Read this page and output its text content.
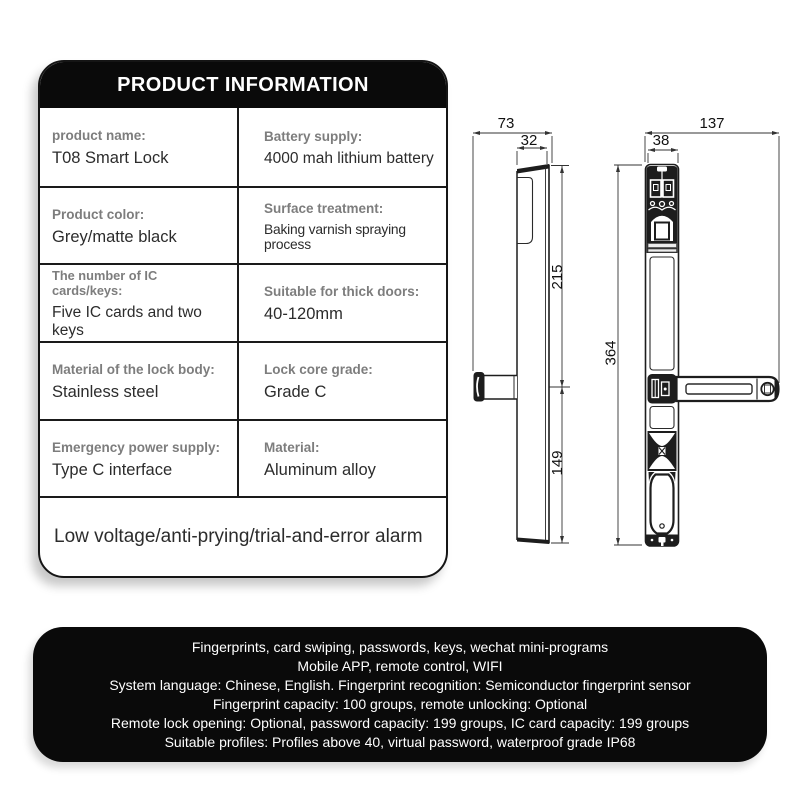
PRODUCT INFORMATION
product name:
T08 Smart Lock
Battery supply:
4000 mah lithium battery
Product color:
Grey/matte black
Surface treatment:
Baking varnish spraying process
The number of IC cards/keys:
Five IC cards and two keys
Suitable for thick doors:
40-120mm
Material of the lock body:
Stainless steel
Lock core grade:
Grade C
Emergency power supply:
Type C interface
Material:
Aluminum alloy
Low voltage/anti-prying/trial-and-error alarm
73
32
215
149
137
38
364
Fingerprints, card swiping, passwords, keys, wechat mini-programs
Mobile APP, remote control, WIFI
System language: Chinese, English. Fingerprint recognition: Semiconductor fingerprint sensor
Fingerprint capacity: 100 groups, remote unlocking: Optional
Remote lock opening: Optional, password capacity: 199 groups, IC card capacity: 199 groups
Suitable profiles: Profiles above 40, virtual password, waterproof grade IP68
